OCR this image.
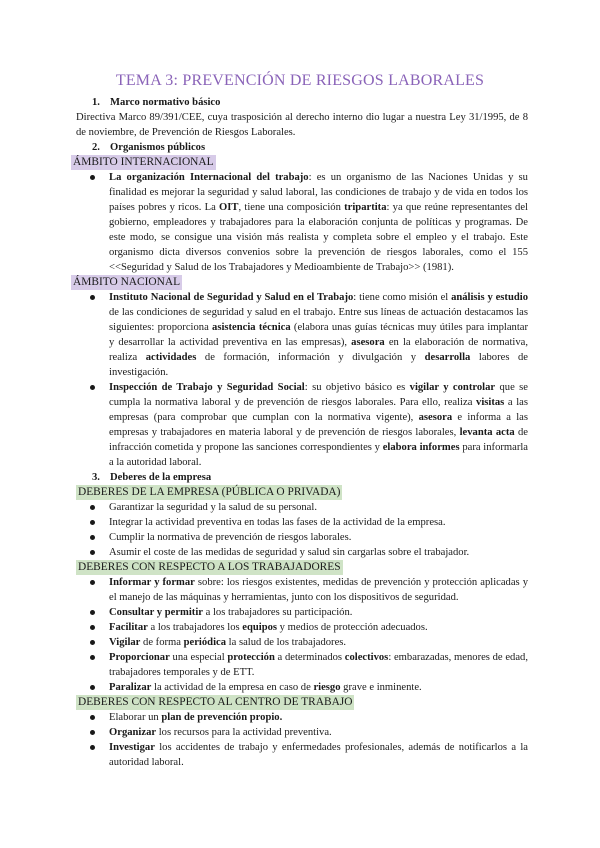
TEMA 3: PREVENCIÓN DE RIESGOS LABORALES
1. Marco normativo básico
Directiva Marco 89/391/CEE, cuya trasposición al derecho interno dio lugar a nuestra Ley 31/1995, de 8 de noviembre, de Prevención de Riesgos Laborales.
2. Organismos públicos
ÁMBITO INTERNACIONAL
La organización Internacional del trabajo: es un organismo de las Naciones Unidas y su finalidad es mejorar la seguridad y salud laboral, las condiciones de trabajo y de vida en todos los países pobres y ricos. La OIT, tiene una composición tripartita: ya que reúne representantes del gobierno, empleadores y trabajadores para la elaboración conjunta de políticas y programas. De este modo, se consigue una visión más realista y completa sobre el empleo y el trabajo. Este organismo dicta diversos convenios sobre la prevención de riesgos laborales, como el 155 <<Seguridad y Salud de los Trabajadores y Medioambiente de Trabajo>> (1981).
ÁMBITO NACIONAL
Instituto Nacional de Seguridad y Salud en el Trabajo: tiene como misión el análisis y estudio de las condiciones de seguridad y salud en el trabajo. Entre sus líneas de actuación destacamos las siguientes: proporciona asistencia técnica (elabora unas guías técnicas muy útiles para implantar y desarrollar la actividad preventiva en las empresas), asesora en la elaboración de normativa, realiza actividades de formación, información y divulgación y desarrolla labores de investigación.
Inspección de Trabajo y Seguridad Social: su objetivo básico es vigilar y controlar que se cumpla la normativa laboral y de prevención de riesgos laborales. Para ello, realiza visitas a las empresas (para comprobar que cumplan con la normativa vigente), asesora e informa a las empresas y trabajadores en materia laboral y de prevención de riesgos laborales, levanta acta de infracción cometida y propone las sanciones correspondientes y elabora informes para informarla a la autoridad laboral.
3. Deberes de la empresa
DEBERES DE LA EMPRESA (PÚBLICA O PRIVADA)
Garantizar la seguridad y la salud de su personal.
Integrar la actividad preventiva en todas las fases de la actividad de la empresa.
Cumplir la normativa de prevención de riesgos laborales.
Asumir el coste de las medidas de seguridad y salud sin cargarlas sobre el trabajador.
DEBERES CON RESPECTO A LOS TRABAJADORES
Informar y formar sobre: los riesgos existentes, medidas de prevención y protección aplicadas y el manejo de las máquinas y herramientas, junto con los dispositivos de seguridad.
Consultar y permitir a los trabajadores su participación.
Facilitar a los trabajadores los equipos y medios de protección adecuados.
Vigilar de forma periódica la salud de los trabajadores.
Proporcionar una especial protección a determinados colectivos: embarazadas, menores de edad, trabajadores temporales y de ETT.
Paralizar la actividad de la empresa en caso de riesgo grave e inminente.
DEBERES CON RESPECTO AL CENTRO DE TRABAJO
Elaborar un plan de prevención propio.
Organizar los recursos para la actividad preventiva.
Investigar los accidentes de trabajo y enfermedades profesionales, además de notificarlos a la autoridad laboral.
